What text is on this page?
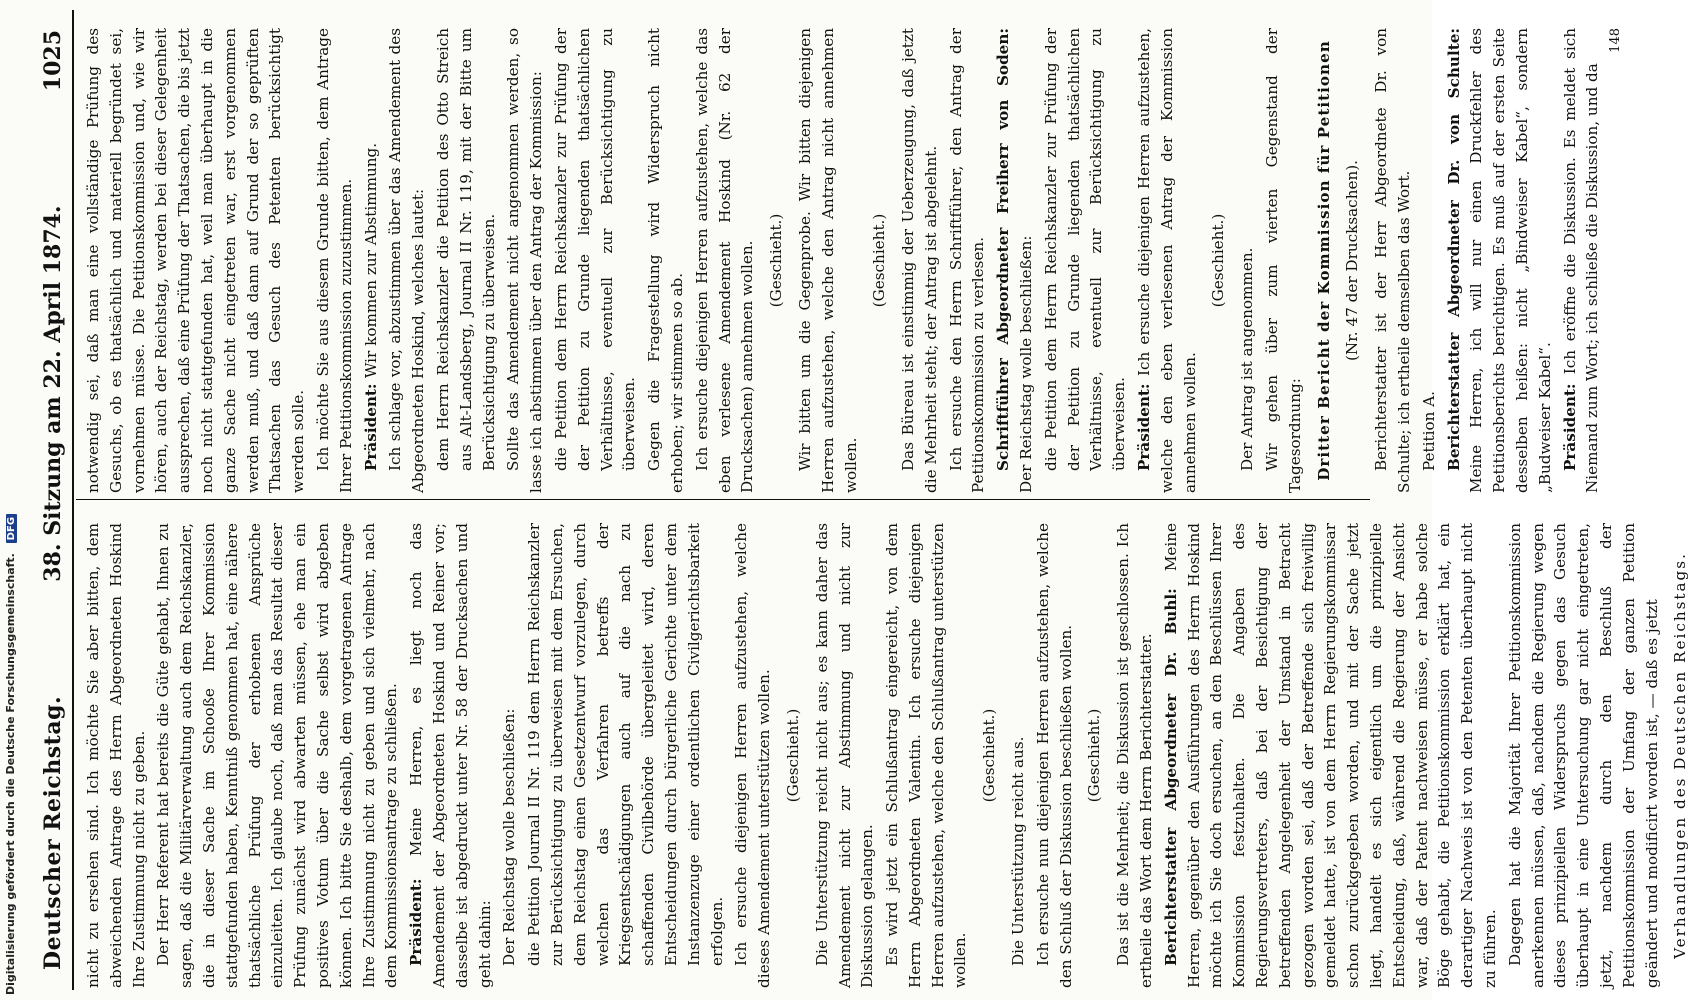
Deutscher Reichstag.
38. Sitzung am 22. April 1874.
1025

nicht zu ersehen sind. Ich möchte Sie aber bitten, dem abweichenden Antrage des Herrn Abgeordneten Hoskind Ihre Zustimmung nicht zu geben. Der Herr Referent hat bereits die Güte gehabt, Ihnen zu sagen, daß die Militärverwaltung auch dem Reichskanzler, die in dieser Sache im Schooße Ihrer Kommission stattgefunden haben, Kenntniß genommen hat, eine nähere thatsächliche Prüfung der erhobenen Ansprüche einzuleiten. Ich glaube noch, daß man das Resultat dieser Prüfung zunächst wird abwarten müssen, ehe man ein positives Votum über die Sache selbst wird abgeben können. Ich bitte Sie deshalb, dem vorgetragenen Antrage Ihre Zustimmung nicht zu geben und sich vielmehr, nach dem Kommissionsantrage zu schließen. Präsident: Meine Herren, es liegt noch das Amendement der Abgeordneten Hoskind und Reiner vor; dasselbe ist abgedruckt unter Nr. 58 der Drucksachen und geht dahin: Der Reichstag wolle beschließen: die Petition Journal II Nr. 119 dem Herrn Reichskanzler zur Berücksichtigung zu überweisen mit dem Ersuchen, dem Reichstag einen Gesetzentwurf vorzulegen, durch welchen das Verfahren betreffs der Kriegsentschädigungen auch auf die nach zu schaffenden Civilbehörde übergeleitet wird, deren Entscheidungen durch bürgerliche Gerichte unter dem Instanzenzuge einer ordentlichen Civilgerichtsbarkeit erfolgen. Ich ersuche diejenigen Herren aufzustehen, welche dieses Amendement unterstützen wollen. (Geschieht.) Die Unterstützung reicht nicht aus; es kann daher das Amendement nicht zur Abstimmung und nicht zur Diskussion gelangen. Es wird jetzt ein Schlußantrag eingereicht, von dem Herrn Abgeordneten Valentin. Ich ersuche diejenigen Herren aufzustehen, welche den Schlußantrag unterstützen wollen.

(Geschieht.) Die Unterstützung reicht aus. Ich ersuche nun diejenigen Herren aufzustehen, welche den Schluß der Diskussion beschließen wollen. (Geschieht.) Das ist die Mehrheit; die Diskussion ist geschlossen. Ich ertheile das Wort dem Herrn Berichterstatter. Berichterstatter Abgeordneter Dr. Buhl: Meine Herren, gegenüber den Ausführungen des Herrn Hoskind möchte ich Sie doch ersuchen, an den Beschlüssen Ihrer Kommission festzuhalten. Die Angaben des Regierungsvertreters, daß bei der Besichtigung der betreffenden Angelegenheit der Umstand in Betracht gezogen worden sei, daß der Betreffende sich freiwillig gemeldet hatte, ist von dem Herrn Regierungskommissar schon zurückgegeben worden, und mit der Sache jetzt liegt, handelt es sich eigentlich um die prinzipielle Entscheidung, daß, während die Regierung der Ansicht war, daß der Patent nachweisen müsse, er habe solche Böge gehabt, die Petitionskommission erklärt hat, ein derartiger Nachweis ist von den Petenten überhaupt nicht zu führen. Dagegen hat die Majorität Ihrer Petitionskommission anerkennen müssen, daß, nachdem die Regierung wegen dieses prinzipiellen Widerspruchs gegen das Gesuch überhaupt in eine Untersuchung gar nicht eingetreten, jetzt, nachdem durch den Beschluß der Petitionskommission der Umfang der ganzen Petition geändert und modificirt worden ist, — daß es jetzt Verhandlungen des Deutschen Reichstags.

notwendig sei, daß man eine vollständige Prüfung des Gesuchs, ob es thatsächlich und materiell begründet sei, vornehmen müsse. Die Petitionskommission und, wie wir hören, auch der Reichstag, werden bei dieser Gelegenheit aussprechen, daß eine Prüfung der Thatsachen, die bis jetzt noch nicht stattgefunden hat, weil man überhaupt in die ganze Sache nicht eingetreten war, erst vorgenommen werden muß, und daß dann auf Grund der so geprüften Thatsachen das Gesuch des Petenten berücksichtigt werden solle. Ich möchte Sie aus diesem Grunde bitten, dem Antrage Ihrer Petitionskommission zuzustimmen. Präsident: Wir kommen zur Abstimmung. Ich schlage vor, abzustimmen über das Amendement des Abgeordneten Hoskind, welches lautet: dem Herrn Reichskanzler die Petition des Otto Streich aus Alt-Landsberg, Journal II Nr. 119, mit der Bitte um Berücksichtigung zu überweisen. Sollte das Amendement nicht angenommen werden, so lasse ich abstimmen über den Antrag der Kommission: die Petition dem Herrn Reichskanzler zur Prüfung der der Petition zu Grunde liegenden thatsächlichen Verhältnisse, eventuell zur Berücksichtigung zu überweisen. Gegen die Fragestellung wird Widerspruch nicht erhoben; wir stimmen so ab. Ich ersuche diejenigen Herren aufzustehen, welche das eben verlesene Amendement Hoskind (Nr. 62 der Drucksachen) annehmen wollen. (Geschieht.) Wir bitten um die Gegenprobe. Wir bitten diejenigen Herren aufzustehen, welche den Antrag nicht annehmen wollen.

(Geschieht.) Das Büreau ist einstimmig der Ueberzeugung, daß jetzt die Mehrheit steht; der Antrag ist abgelehnt. Ich ersuche den Herrn Schriftführer, den Antrag der Petitionskommission zu verlesen. Schriftführer Abgeordneter Freiherr von Soden: Der Reichstag wolle beschließen: die Petition dem Herrn Reichskanzler zur Prüfung der der Petition zu Grunde liegenden thatsächlichen Verhältnisse, eventuell zur Berücksichtigung zu überweisen. Präsident: Ich ersuche diejenigen Herren aufzustehen, welche den eben verlesenen Antrag der Kommission annehmen wollen.

(Geschieht.) Der Antrag ist angenommen. Wir gehen über zum vierten Gegenstand der Tagesordnung: Dritter Bericht der Kommission für Petitionen (Nr. 47 der Drucksachen). Berichterstatter ist der Herr Abgeordnete Dr. von Schulte; ich ertheile demselben das Wort. Petition A. Berichterstatter Abgeordneter Dr. von Schulte: Meine Herren, ich will nur einen Druckfehler des Petitionsberichts berichtigen. Es muß auf der ersten Seite desselben heißen: nicht „Bindweiser Kabel“, sondern „Budweiser Kabel“. Präsident: Ich eröffne die Diskussion. Es meldet sich Niemand zum Wort; ich schließe die Diskussion, und da

148

Digitalisierung gefördert durch die Deutsche Forschungsgemeinschaft. DFG
